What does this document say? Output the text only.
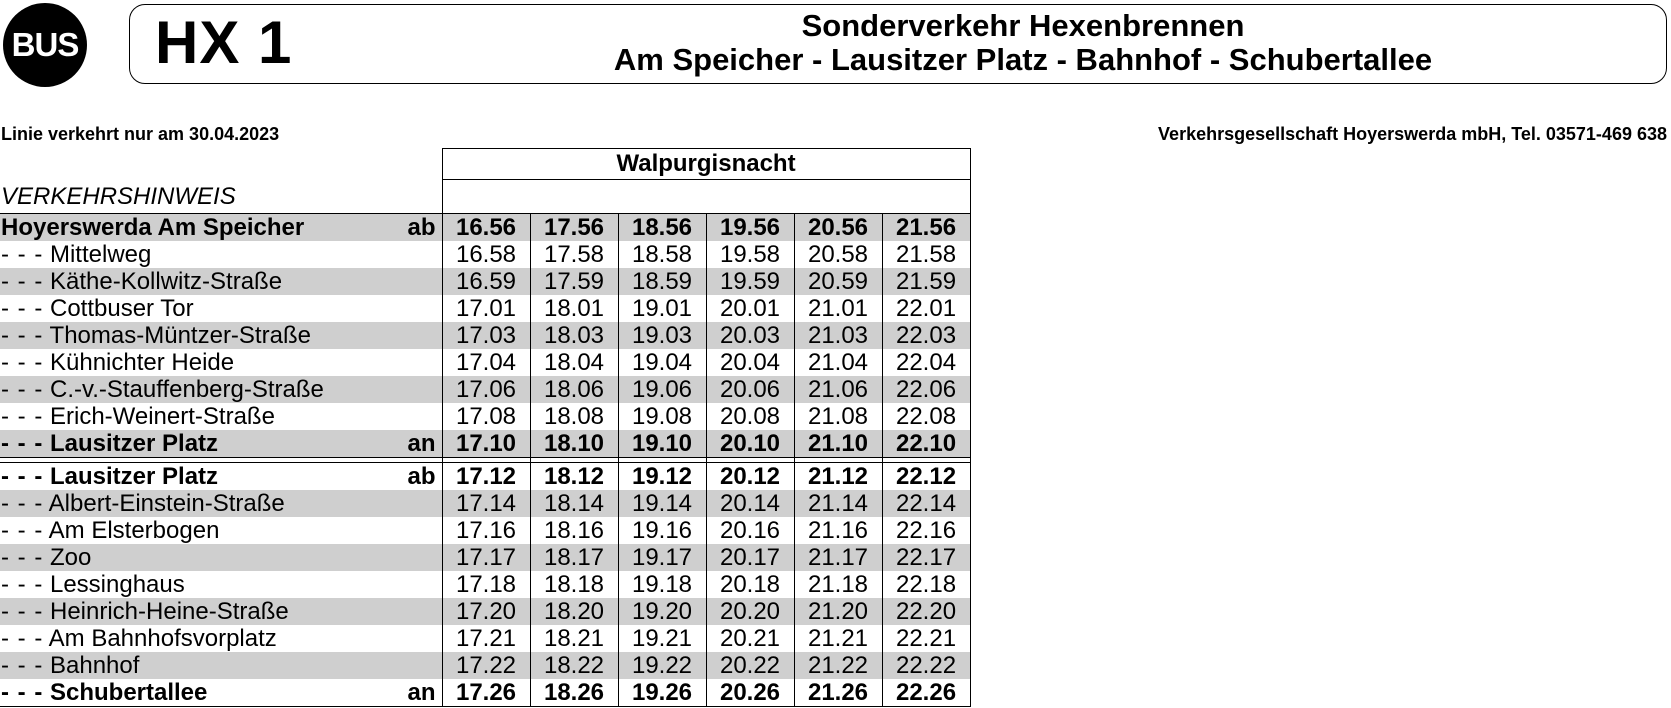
BUS HX 1	Sonderverkehr Hexenbrennen
Am Speicher - Lausitzer Platz - Bahnhof - Schubertallee
Linie verkehrt nur am 30.04.2023	Verkehrsgesellschaft Hoyerswerda mbH, Tel. 03571-469 638
		Walpurgisnacht					
VERKEHRSHINWEIS							
Hoyerswerda Am Speicher	ab	16.56	17.56	18.56	19.56	20.56	21.56
- - - Mittelweg		16.58	17.58	18.58	19.58	20.58	21.58
- - - Käthe-Kollwitz-Straße		16.59	17.59	18.59	19.59	20.59	21.59
- - - Cottbuser Tor		17.01	18.01	19.01	20.01	21.01	22.01
- - - Thomas-Müntzer-Straße		17.03	18.03	19.03	20.03	21.03	22.03
- - - Kühnichter Heide		17.04	18.04	19.04	20.04	21.04	22.04
- - - C.-v.-Stauffenberg-Straße		17.06	18.06	19.06	20.06	21.06	22.06
- - - Erich-Weinert-Straße		17.08	18.08	19.08	20.08	21.08	22.08
- - - Lausitzer Platz	an	17.10	18.10	19.10	20.10	21.10	22.10

- - - Lausitzer Platz	ab	17.12	18.12	19.12	20.12	21.12	22.12
- - - Albert-Einstein-Straße		17.14	18.14	19.14	20.14	21.14	22.14
- - - Am Elsterbogen		17.16	18.16	19.16	20.16	21.16	22.16
- - - Zoo		17.17	18.17	19.17	20.17	21.17	22.17
- - - Lessinghaus		17.18	18.18	19.18	20.18	21.18	22.18
- - - Heinrich-Heine-Straße		17.20	18.20	19.20	20.20	21.20	22.20
- - - Am Bahnhofsvorplatz		17.21	18.21	19.21	20.21	21.21	22.21
- - - Bahnhof		17.22	18.22	19.22	20.22	21.22	22.22
- - - Schubertallee	an	17.26	18.26	19.26	20.26	21.26	22.26
